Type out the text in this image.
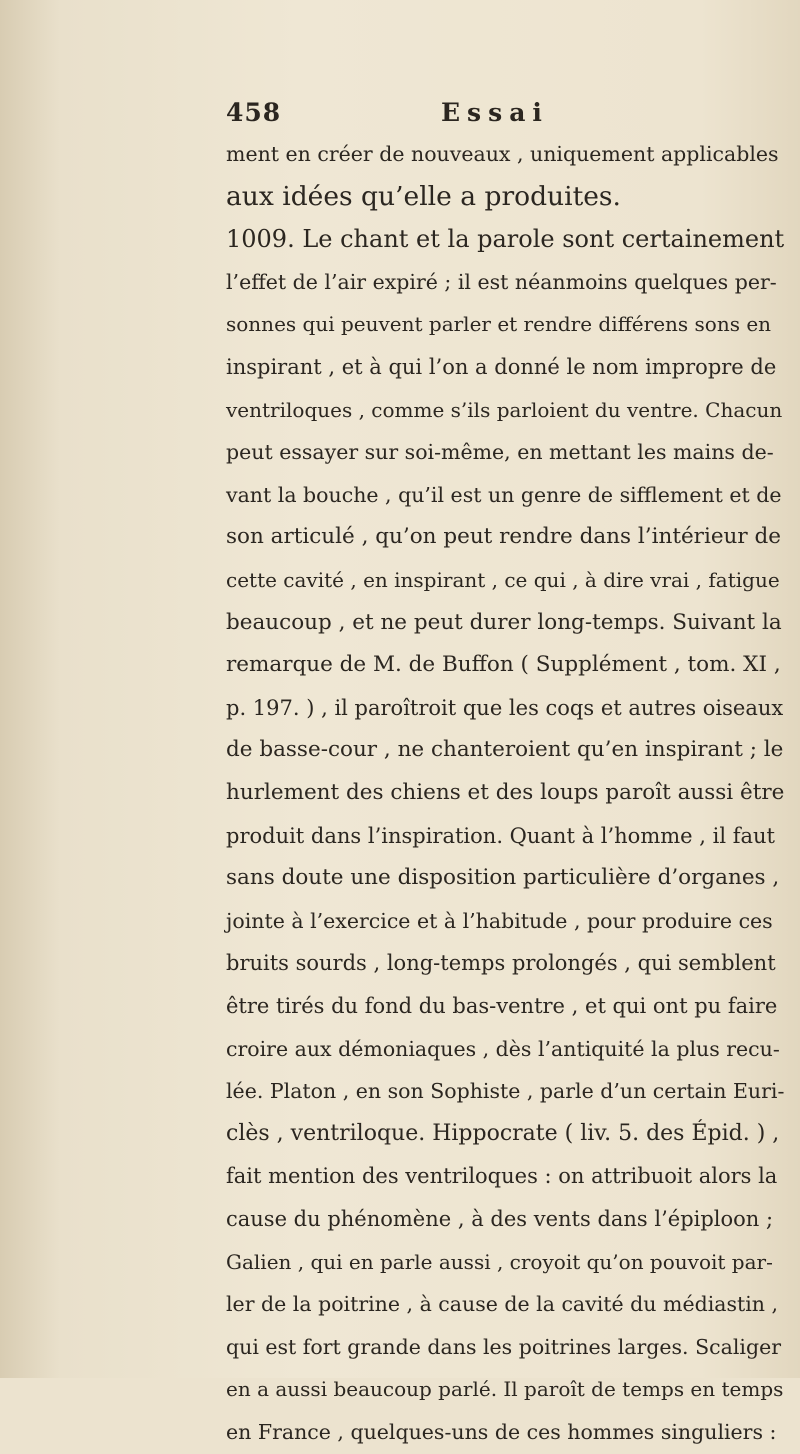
458	Essai
ment en créer de nouveaux , uniquement applicables
aux idées qu’elle a produites.
1009. Le chant et la parole sont certainement
l’effet de l’air expiré ; il est néanmoins quelques per-
sonnes qui peuvent parler et rendre différens sons en
inspirant , et à qui l’on a donné le nom impropre de
ventriloques , comme s’ils parloient du ventre. Chacun
peut essayer sur soi-même, en mettant les mains de-
vant la bouche , qu’il est un genre de sifflement et de
son articulé , qu’on peut rendre dans l’intérieur de
cette cavité , en inspirant , ce qui , à dire vrai , fatigue
beaucoup , et ne peut durer long-temps. Suivant la
remarque de M. de Buffon ( Supplément , tom. XI ,
p. 197. ) , il paroîtroit que les coqs et autres oiseaux
de basse-cour , ne chanteroient qu’en inspirant ; le
hurlement des chiens et des loups paroît aussi être
produit dans l’inspiration. Quant à l’homme , il faut
sans doute une disposition particulière d’organes ,
jointe à l’exercice et à l’habitude , pour produire ces
bruits sourds , long-temps prolongés , qui semblent
être tirés du fond du bas-ventre , et qui ont pu faire
croire aux démoniaques , dès l’antiquité la plus recu-
lée. Platon , en son Sophiste , parle d’un certain Euri-
clès , ventriloque. Hippocrate ( liv. 5. des Épid. ) ,
fait mention des ventriloques : on attribuoit alors la
cause du phénomène , à des vents dans l’épiploon ;
Galien , qui en parle aussi , croyoit qu’on pouvoit par-
ler de la poitrine , à cause de la cavité du médiastin ,
qui est fort grande dans les poitrines larges. Scaliger
en a aussi beaucoup parlé. Il paroît de temps en temps
en France , quelques-uns de ces hommes singuliers :
